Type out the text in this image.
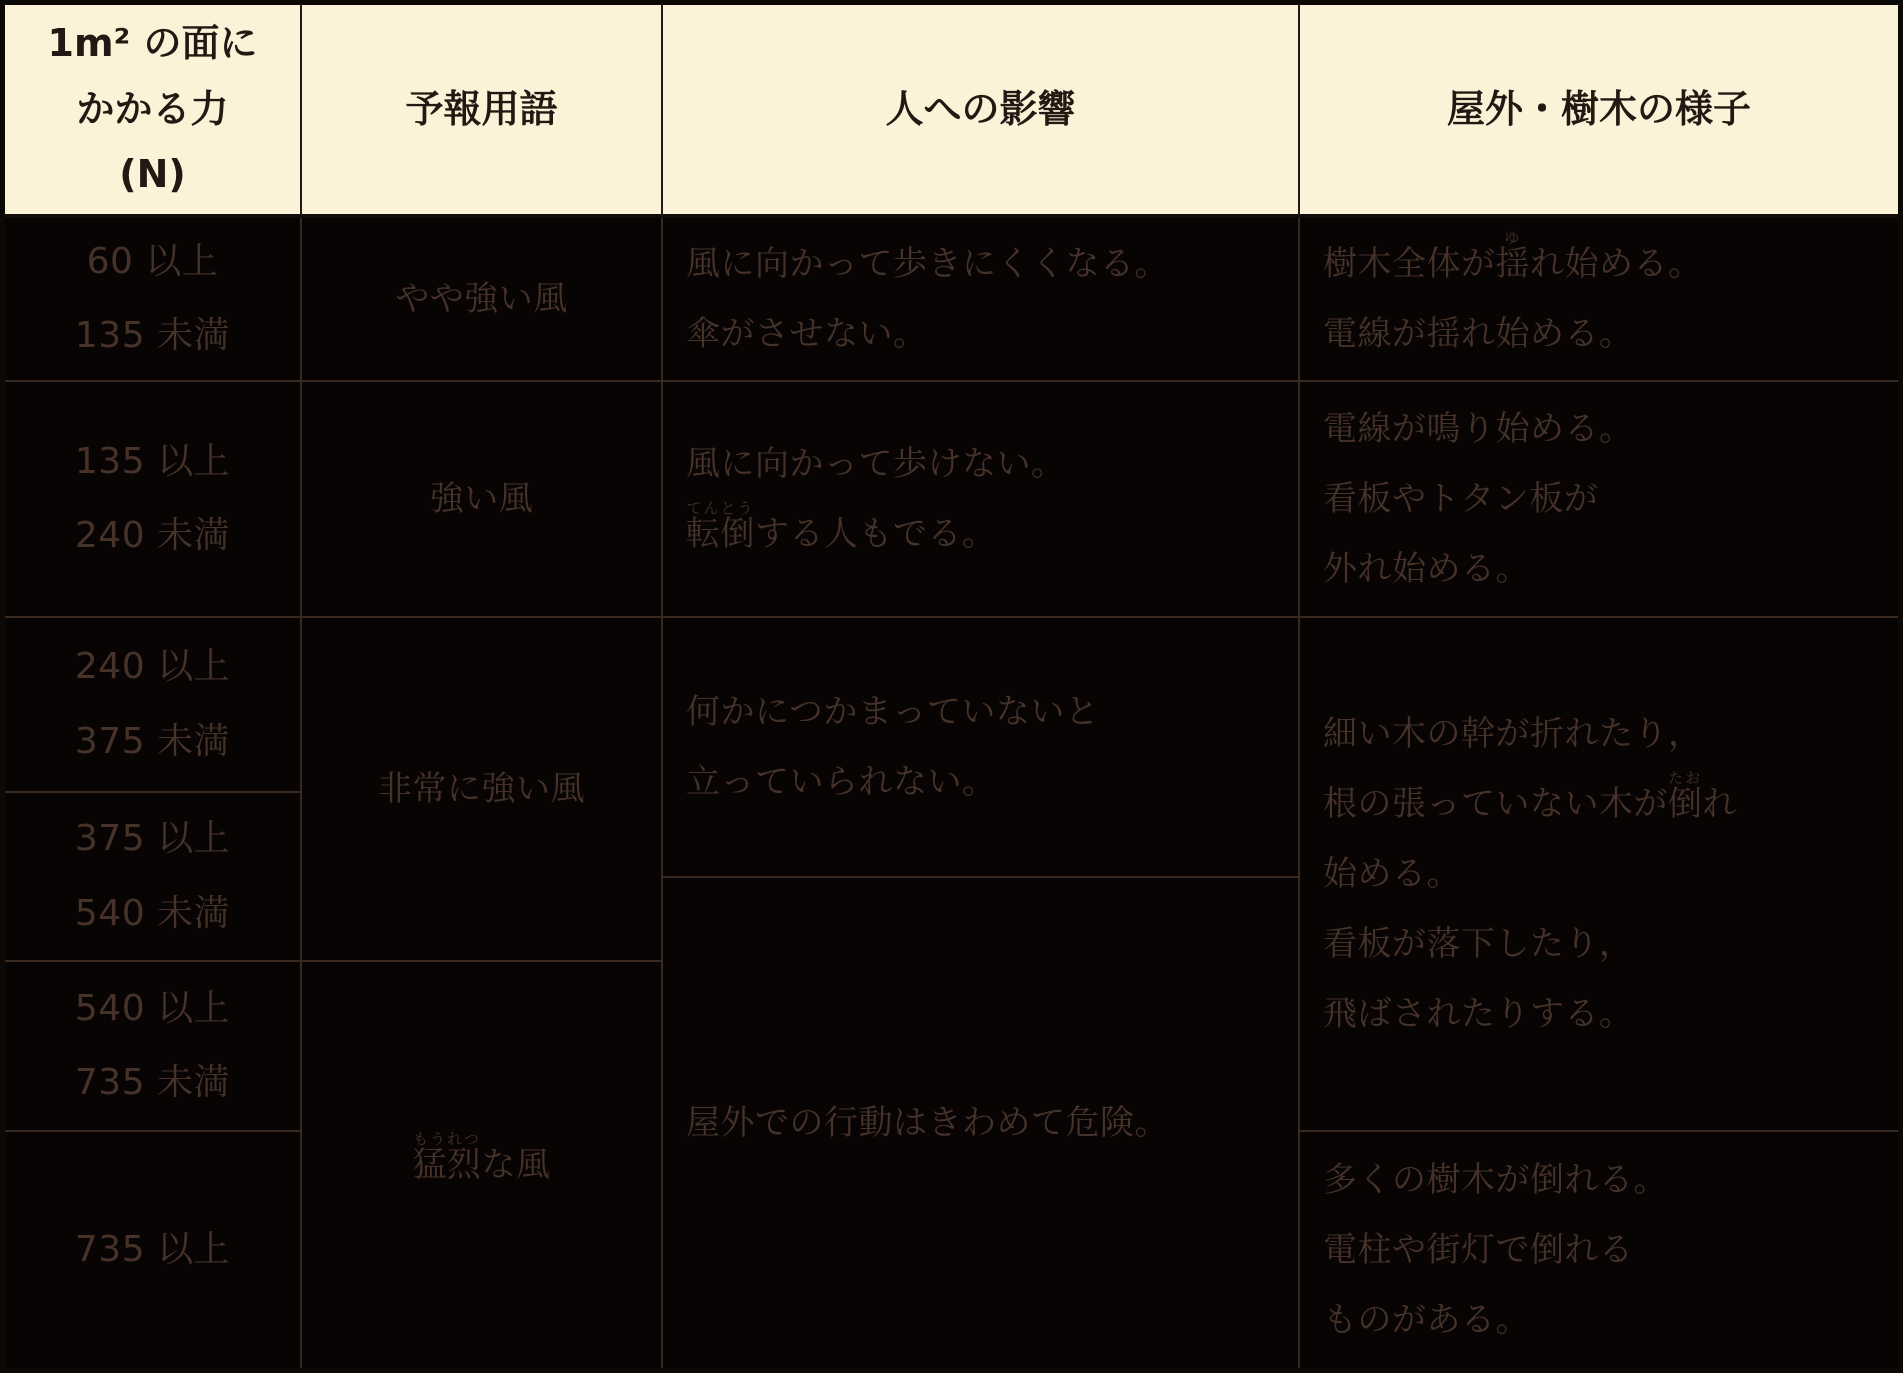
1m² の面に
かかる力
(N)
60 以上
135 未満
135 以上
240 未満
240 以上
375 未満
375 以上
540 未満
540 以上
735 未満
735 以上
予報用語
やや強い風
強い風
非常に強い風
猛烈もうれつな風
人への影響
風に向かって歩きにくくなる。
傘がさせない。
風に向かって歩けない。
転倒てんとうする人もでる。
何かにつかまっていないと
立っていられない。
屋外での行動はきわめて危険。
屋外・樹木の様子
樹木全体が揺ゆれ始める。
電線が揺れ始める。
電線が鳴り始める。
看板やトタン板が
外れ始める。
細い木の幹が折れたり，
根の張っていない木が倒たおれ
始める。
看板が落下したり，
飛ばされたりする。
多くの樹木が倒れる。
電柱や街灯で倒れる
ものがある。
